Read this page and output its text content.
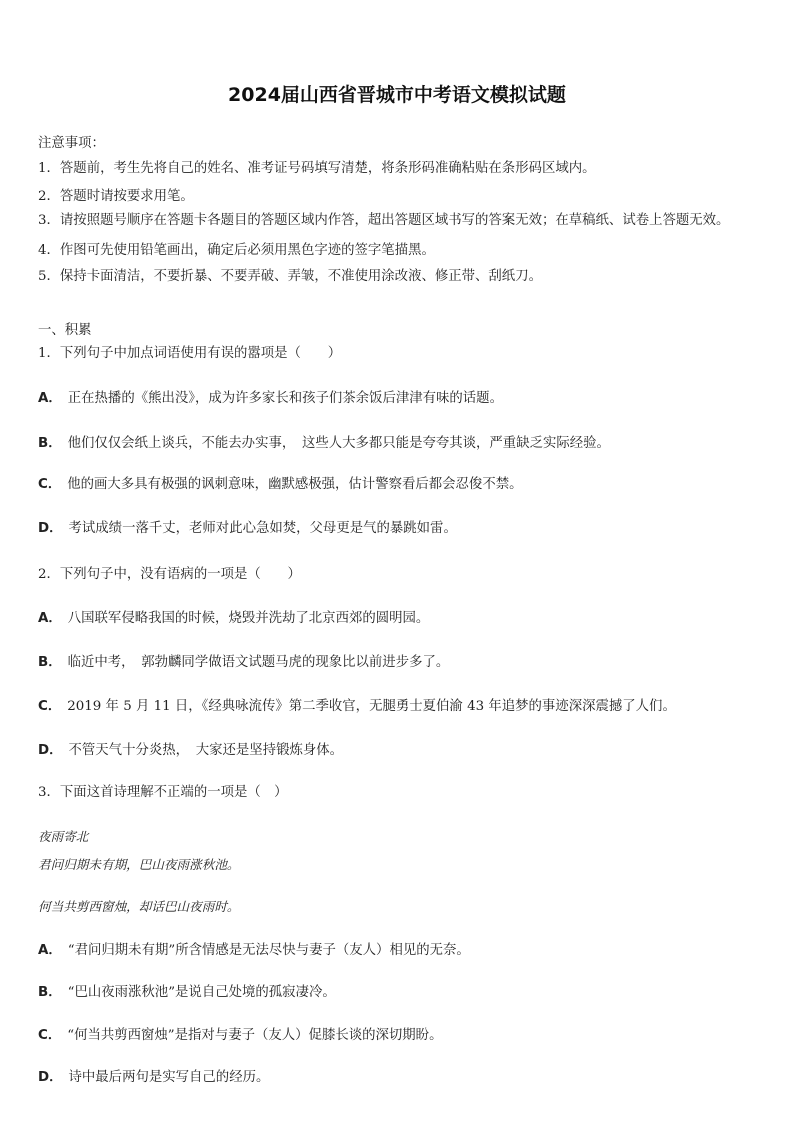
2024届山西省晋城市中考语文模拟试题
注意事项：
1．答题前，考生先将自己的姓名、准考证号码填写清楚，将条形码准确粘贴在条形码区域内。
2．答题时请按要求用笔。
3．请按照题号顺序在答题卡各题目的答题区域内作答，超出答题区域书写的答案无效；在草稿纸、试卷上答题无效。
4．作图可先使用铅笔画出，确定后必须用黑色字迹的签字笔描黑。
5．保持卡面清洁，不要折暴、不要弄破、弄皱，不准使用涂改液、修正带、刮纸刀。
一、积累
1．下列句子中加点词语使用有误的嚣项是（　　）
A． 正在热播的《熊出没》，成为许多家长和孩子们茶余饭后津津有味的话题。
B． 他们仅仅会纸上谈兵，不能去办实事，　这些人大多都只能是夸夸其谈，严重缺乏实际经验。
C． 他的画大多具有极强的讽刺意味，幽默感极强，估计警察看后都会忍俊不禁。
D． 考试成绩一落千丈，老师对此心急如焚，父母更是气的暴跳如雷。
2．下列句子中，没有语病的一项是（　　）
A． 八国联军侵略我国的时候，烧毁并洗劫了北京西郊的圆明园。
B． 临近中考，　郭勃麟同学做语文试题马虎的现象比以前进步多了。
C． 2019 年 5 月 11 日，《经典咏流传》第二季收官，无腿勇士夏伯渝 43 年追梦的事迹深深震撼了人们。
D． 不管天气十分炎热，　大家还是坚持锻炼身体。
3．下面这首诗理解不正端的一项是（　）
夜雨寄北
君问归期未有期，巴山夜雨涨秋池。
何当共剪西窗烛，却话巴山夜雨时。
A． “君问归期未有期”所含情感是无法尽快与妻子（友人）相见的无奈。
B． “巴山夜雨涨秋池”是说自己处境的孤寂凄冷。
C． “何当共剪西窗烛”是指对与妻子（友人）促膝长谈的深切期盼。
D． 诗中最后两句是实写自己的经历。
